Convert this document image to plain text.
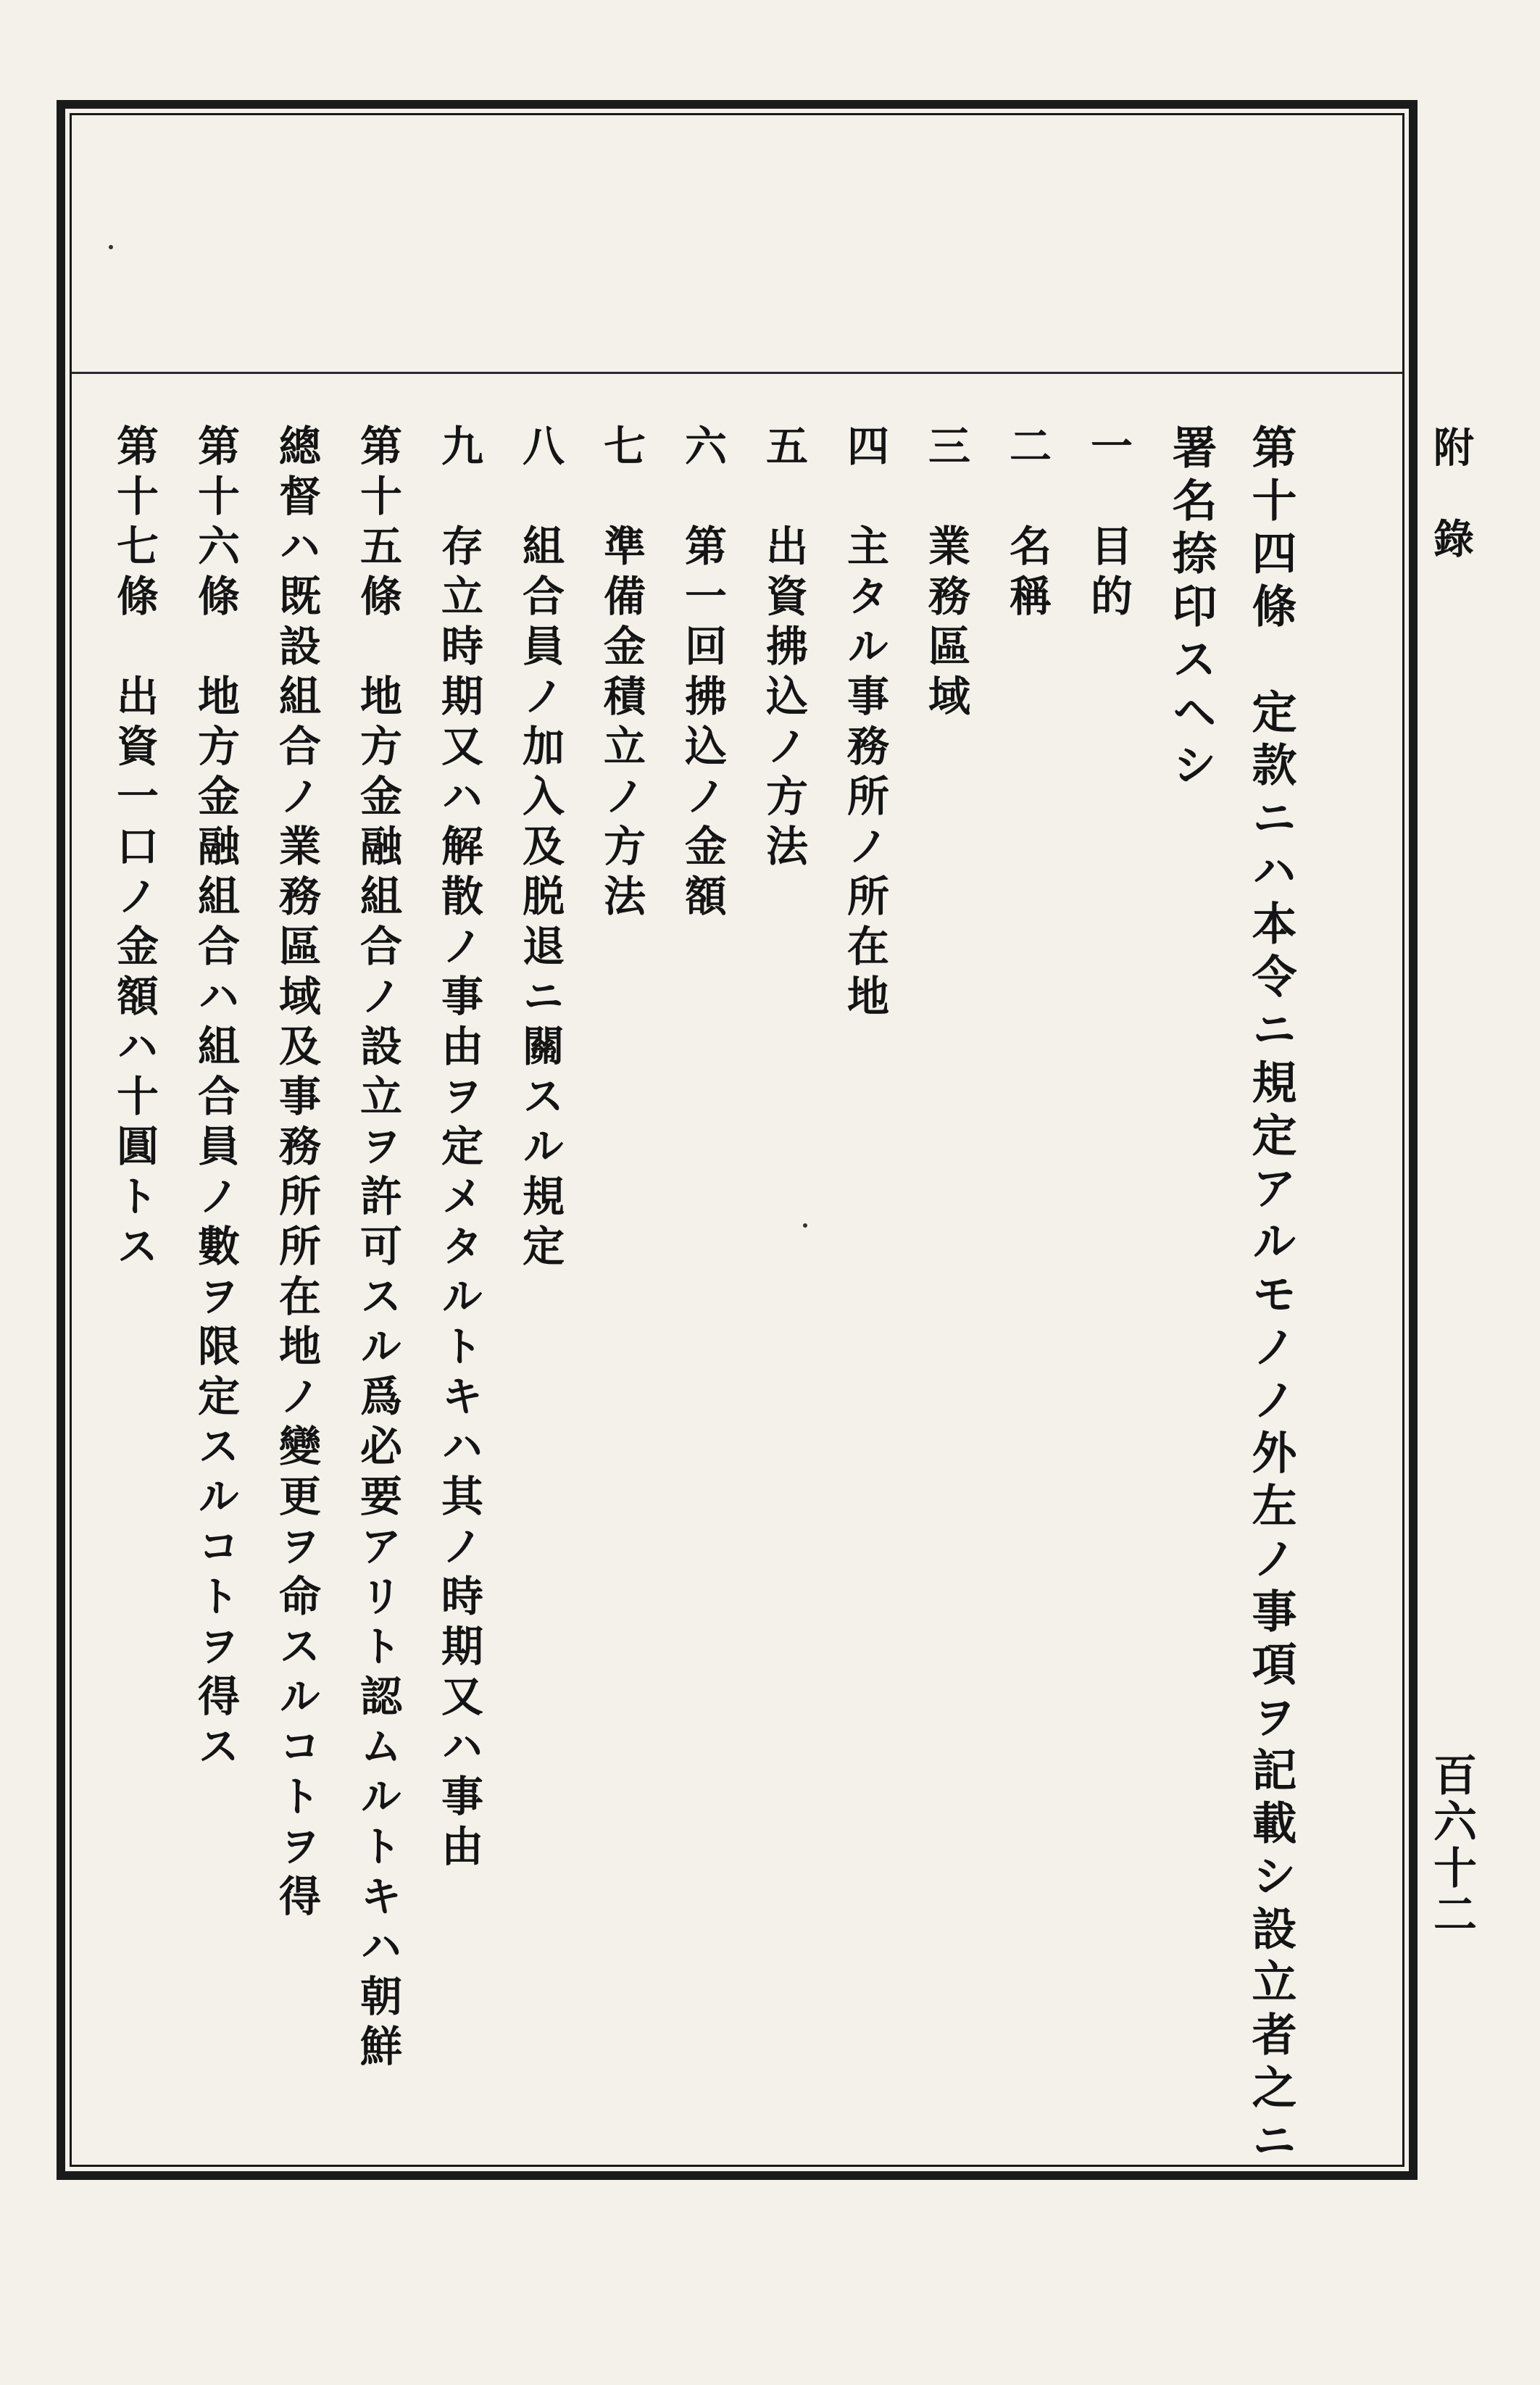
附錄
百六十二
第十四條　定款ニハ本令ニ規定アルモノノ外左ノ事項ヲ記載シ設立者之ニ
署名捺印スヘシ
一　目的
二　名稱
三　業務區域
四　主タル事務所ノ所在地
五　出資拂込ノ方法
六　第一回拂込ノ金額
七　準備金積立ノ方法
八　組合員ノ加入及脱退ニ關スル規定
九　存立時期又ハ解散ノ事由ヲ定メタルトキハ其ノ時期又ハ事由
第十五條　地方金融組合ノ設立ヲ許可スル爲必要アリト認ムルトキハ朝鮮
總督ハ既設組合ノ業務區域及事務所所在地ノ變更ヲ命スルコトヲ得
第十六條　地方金融組合ハ組合員ノ數ヲ限定スルコトヲ得ス
第十七條　出資一口ノ金額ハ十圓トス
